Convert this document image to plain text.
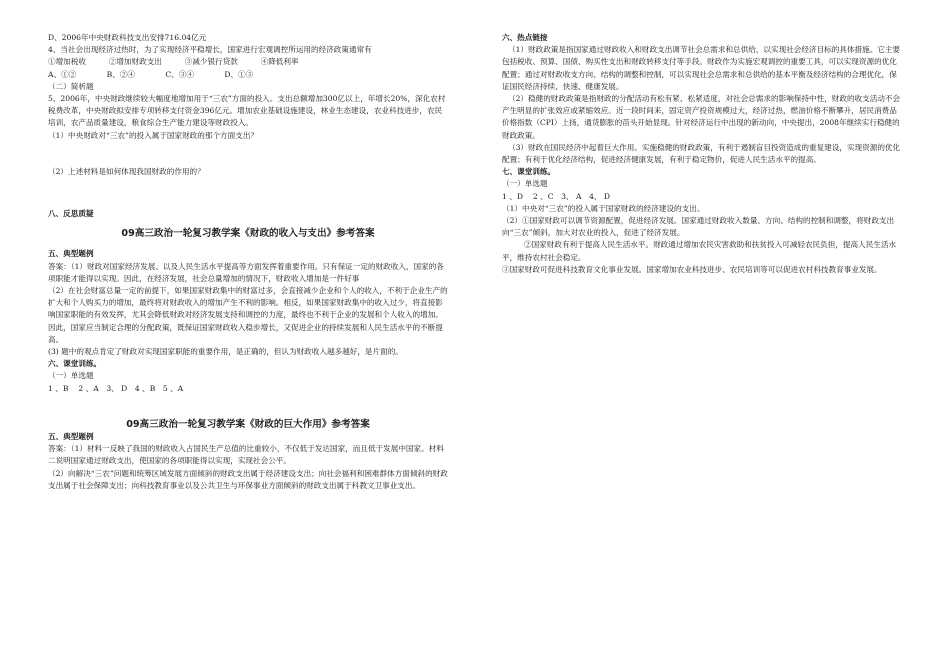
D、2006年中央财政科技支出安排716.04亿元

4、当社会出现经济过热时，为了实现经济平稳增长，国家进行宏观调控所运用的经济政策通常有

①增加税收　　　②增加财政支出　　　③减少银行贷款　　　④降低利率

A、①②　　　　B、②④　　　　C、③④　　　　D、①③

（二）简析题

5、2006年，中央财政继续较大幅度地增加用于“三农”方面的投入。支出总额增加300亿以上，年增长20%，深化农村税费改革，中央财政拟安排专项转移支付资金396亿元。增加农业基础设施建设，林业生态建设，农业科技进步，农民培训，农产品质量建设，粮食综合生产能力建设等财政投入。

（1）中央财政对“三农”的投入属于国家财政的那个方面支出？

（2）上述材料是如何体现我国财政的作用的？

八、反思质疑

09高三政治一轮复习教学案《财政的收入与支出》参考答案

五、典型题例

答案：（1）财政对国家经济发展、以及人民生活水平提高等方面发挥着重要作用。只有保证一定的财政收入，国家的各项职能才能得以实现。因此，在经济发展，社会总量增加的情况下，财政收入增加是一件好事

（2）在社会财富总量一定的前提下，如果国家财政集中的财富过多，会直接减少企业和个人的收入，不利于企业生产的扩大和个人购买力的增加，最终将对财政收入的增加产生不利的影响。相反，如果国家财政集中的收入过少，将直接影响国家职能的有效发挥，尤其会降低财政对经济发展支持和调控的力度，最终也不利于企业的发展和个人收入的增加。因此，国家应当制定合理的分配政策，既保证国家财政收入稳步增长，又促进企业的持续发展和人民生活水平的不断提高。

(3) 题中的观点肯定了财政对实现国家职能的重要作用，是正确的，但认为财政收入越多越好，是片面的。

六、课堂训练。

（一）单选题

1 、B　 2 、A　3、 D　4 、B　5 、A

09高三政治一轮复习教学案《财政的巨大作用》参考答案

五、典型题例

答案：（1）材料一反映了我国的财政收入占国民生产总值的比重较小，不仅低于发达国家，而且低于发展中国家。材料二说明国家通过财政支出，使国家的各项职能得以实现，实现社会公平。

（2）向解决“三农”问题和统筹区域发展方面倾斜的财政支出属于经济建设支出；向社会福利和困难群体方面倾斜的财政支出属于社会保障支出；向科技教育事业以及公共卫生与环保事业方面倾斜的财政支出属于科教文卫事业支出。

六、热点链接

（1）财政政策是指国家通过财政收入和财政支出调节社会总需求和总供给，以实现社会经济目标的具体措施。它主要包括税收、预算、国债、购买性支出和财政转移支付等手段。财政作为实施宏观调控的重要工具，可以实现资源的优化配置；通过对财政收支方向、结构的调整和控制，可以实现社会总需求和总供给的基本平衡及经济结构的合理优化，保证国民经济持续、快速、健康发展。

（2）稳健的财政政策是指财政的分配活动有松有紧、松紧适度，对社会总需求的影响保持中性，财政的收支活动不会产生明显的扩张效应或紧缩效应。近一段时间来，固定资产投资规模过大，经济过热，燃油价格不断攀升，居民消费品价格指数（CPI）上扬，通货膨胀的苗头开始显现。针对经济运行中出现的新动向，中央提出，2008年继续实行稳健的财政政策。

（3）财政在国民经济中起着巨大作用。实施稳健的财政政策，有利于遏制盲目投资造成的重复建设，实现资源的优化配置；有利于优化经济结构，促进经济健康发展，有利于稳定物价，促进人民生活水平的提高。

七、课堂训练。

（一）单选题

1 、D　 2 、C　3、 A　4、 D

（1）中央对“三农”的投入属于国家财政的经济建设的支出。

（2）①国家财政可以调节资源配置，促进经济发展。国家通过财政收入数量、方向、结构的控制和调整，将财政支出向“三农”倾斜，加大对农业的投入，促进了经济发展。

②国家财政有利于提高人民生活水平。财政通过增加农民灾害救助和扶贫投入可减轻农民负担，提高人民生活水平，维持农村社会稳定。

③国家财政可促进科技教育文化事业发展。国家增加农业科技进步、农民培训等可以促进农村科技教育事业发展。
